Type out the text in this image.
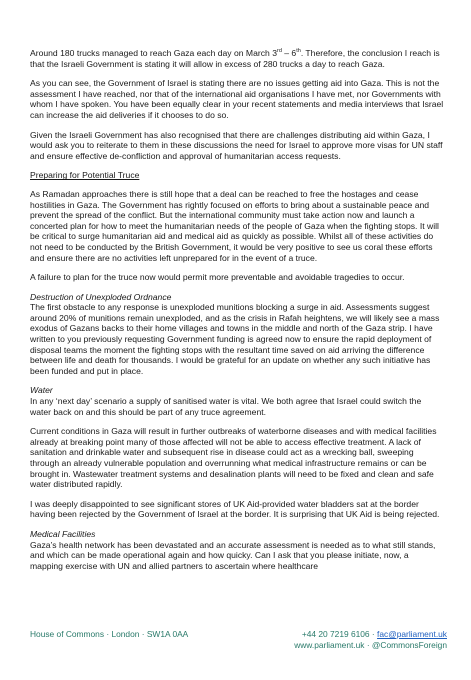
Around 180 trucks managed to reach Gaza each day on March 3rd – 6th. Therefore, the conclusion I reach is that the Israeli Government is stating it will allow in excess of 280 trucks a day to reach Gaza.

As you can see, the Government of Israel is stating there are no issues getting aid into Gaza. This is not the assessment I have reached, nor that of the international aid organisations I have met, nor Governments with whom I have spoken. You have been equally clear in your recent statements and media interviews that Israel can increase the aid deliveries if it chooses to do so.

Given the Israeli Government has also recognised that there are challenges distributing aid within Gaza, I would ask you to reiterate to them in these discussions the need for Israel to approve more visas for UN staff and ensure effective de-confliction and approval of humanitarian access requests.

Preparing for Potential Truce

As Ramadan approaches there is still hope that a deal can be reached to free the hostages and cease hostilities in Gaza. The Government has rightly focused on efforts to bring about a sustainable peace and prevent the spread of the conflict. But the international community must take action now and launch a concerted plan for how to meet the humanitarian needs of the people of Gaza when the fighting stops. It will be critical to surge humanitarian aid and medical aid as quickly as possible. Whilst all of these activities do not need to be conducted by the British Government, it would be very positive to see us coral these efforts and ensure there are no activities left unprepared for in the event of a truce.

A failure to plan for the truce now would permit more preventable and avoidable tragedies to occur.

Destruction of Unexploded Ordnance

The first obstacle to any response is unexploded munitions blocking a surge in aid. Assessments suggest around 20% of munitions remain unexploded, and as the crisis in Rafah heightens, we will likely see a mass exodus of Gazans backs to their home villages and towns in the middle and north of the Gaza strip. I have written to you previously requesting Government funding is agreed now to ensure the rapid deployment of disposal teams the moment the fighting stops with the resultant time saved on aid arriving the difference between life and death for thousands. I would be grateful for an update on whether any such initiative has been funded and put in place.

Water

In any ‘next day’ scenario a supply of sanitised water is vital. We both agree that Israel could switch the water back on and this should be part of any truce agreement.

Current conditions in Gaza will result in further outbreaks of waterborne diseases and with medical facilities already at breaking point many of those affected will not be able to access effective treatment. A lack of sanitation and drinkable water and subsequent rise in disease could act as a wrecking ball, sweeping through an already vulnerable population and overrunning what medical infrastructure remains or can be brought in. Wastewater treatment systems and desalination plants will need to be fixed and clean and safe water distributed rapidly.

I was deeply disappointed to see significant stores of UK Aid-provided water bladders sat at the border having been rejected by the Government of Israel at the border. It is surprising that UK Aid is being rejected.

Medical Facilities

Gaza’s health network has been devastated and an accurate assessment is needed as to what still stands, and which can be made operational again and how quicky. Can I ask that you please initiate, now, a mapping exercise with UN and allied partners to ascertain where healthcare

House of Commons · London · SW1A 0AA	+44 20 7219 6106 · fac@parliament.uk
www.parliament.uk · @CommonsForeign
